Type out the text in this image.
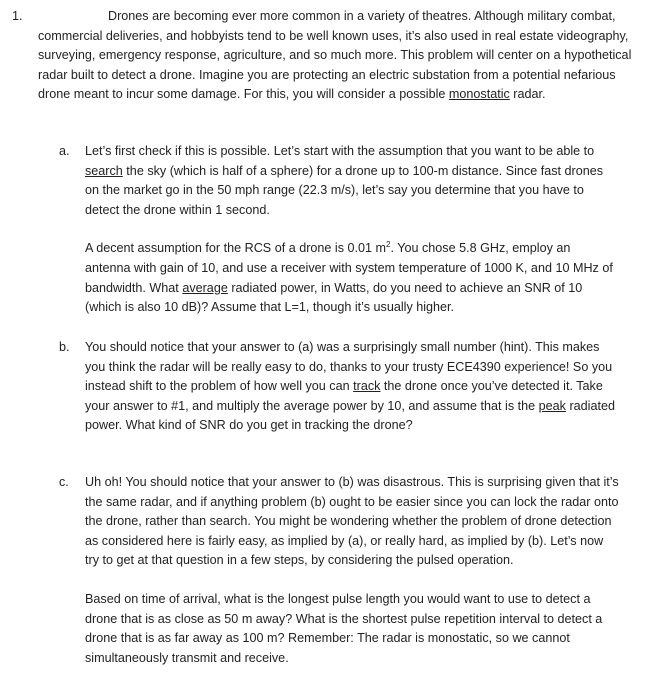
1.	Drones are becoming ever more common in a variety of theatres. Although military combat, commercial deliveries, and hobbyists tend to be well known uses, it’s also used in real estate videography, surveying, emergency response, agriculture, and so much more. This problem will center on a hypothetical radar built to detect a drone. Imagine you are protecting an electric substation from a potential nefarious drone meant to incur some damage. For this, you will consider a possible monostatic radar.
a. Let’s first check if this is possible. Let’s start with the assumption that you want to be able to search the sky (which is half of a sphere) for a drone up to 100-m distance. Since fast drones on the market go in the 50 mph range (22.3 m/s), let’s say you determine that you have to detect the drone within 1 second.

A decent assumption for the RCS of a drone is 0.01 $m^2$. You chose 5.8 GHz, employ an antenna with gain of 10, and use a receiver with system temperature of 1000 K, and 10 MHz of bandwidth. What average radiated power, in Watts, do you need to achieve an SNR of 10 (which is also 10 dB)? Assume that L=1, though it’s usually higher.

b. You should notice that your answer to (a) was a surprisingly small number (hint). This makes you think the radar will be really easy to do, thanks to your trusty ECE4390 experience! So you instead shift to the problem of how well you can track the drone once you’ve detected it. Take your answer to #1, and multiply the average power by 10, and assume that is the peak radiated power. What kind of SNR do you get in tracking the drone?

c. Uh oh! You should notice that your answer to (b) was disastrous. This is surprising given that it’s the same radar, and if anything problem (b) ought to be easier since you can lock the radar onto the drone, rather than search. You might be wondering whether the problem of drone detection as considered here is fairly easy, as implied by (a), or really hard, as implied by (b). Let’s now try to get at that question in a few steps, by considering the pulsed operation.

Based on time of arrival, what is the longest pulse length you would want to use to detect a drone that is as close as 50 m away? What is the shortest pulse repetition interval to detect a drone that is as far away as 100 m? Remember: The radar is monostatic, so we cannot simultaneously transmit and receive.
